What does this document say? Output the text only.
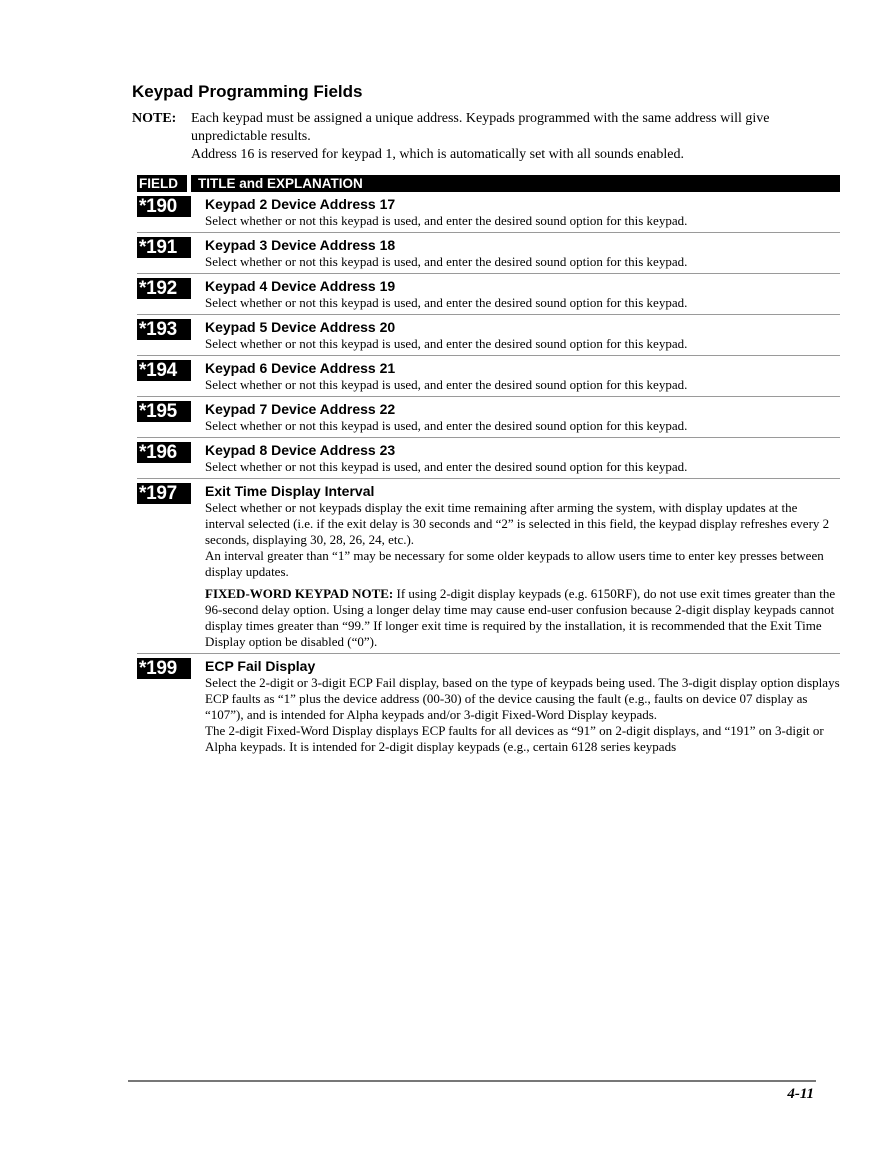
Keypad Programming Fields
NOTE: Each keypad must be assigned a unique address. Keypads programmed with the same address will give unpredictable results.
Address 16 is reserved for keypad 1, which is automatically set with all sounds enabled.
FIELD	TITLE and EXPLANATION
*190	Keypad 2 Device Address 17
Select whether or not this keypad is used, and enter the desired sound option for this keypad.
*191	Keypad 3 Device Address 18
Select whether or not this keypad is used, and enter the desired sound option for this keypad.
*192	Keypad 4 Device Address 19
Select whether or not this keypad is used, and enter the desired sound option for this keypad.
*193	Keypad 5 Device Address 20
Select whether or not this keypad is used, and enter the desired sound option for this keypad.
*194	Keypad 6 Device Address 21
Select whether or not this keypad is used, and enter the desired sound option for this keypad.
*195	Keypad 7 Device Address 22
Select whether or not this keypad is used, and enter the desired sound option for this keypad.
*196	Keypad 8 Device Address 23
Select whether or not this keypad is used, and enter the desired sound option for this keypad.
*197	Exit Time Display Interval
Select whether or not keypads display the exit time remaining after arming the system, with display updates at the interval selected (i.e. if the exit delay is 30 seconds and “2” is selected in this field, the keypad display refreshes every 2 seconds, displaying 30, 28, 26, 24, etc.).
An interval greater than “1” may be necessary for some older keypads to allow users time to enter key presses between display updates.
FIXED-WORD KEYPAD NOTE: If using 2-digit display keypads (e.g. 6150RF), do not use exit times greater than the 96-second delay option. Using a longer delay time may cause end-user confusion because 2-digit display keypads cannot display times greater than “99.” If longer exit time is required by the installation, it is recommended that the Exit Time Display option be disabled (“0”).
*199	ECP Fail Display
Select the 2-digit or 3-digit ECP Fail display, based on the type of keypads being used. The 3-digit display option displays ECP faults as “1” plus the device address (00-30) of the device causing the fault (e.g., faults on device 07 display as “107”), and is intended for Alpha keypads and/or 3-digit Fixed-Word Display keypads.
The 2-digit Fixed-Word Display displays ECP faults for all devices as “91” on 2-digit displays, and “191” on 3-digit or Alpha keypads. It is intended for 2-digit display keypads (e.g., certain 6128 series keypads
4-11
